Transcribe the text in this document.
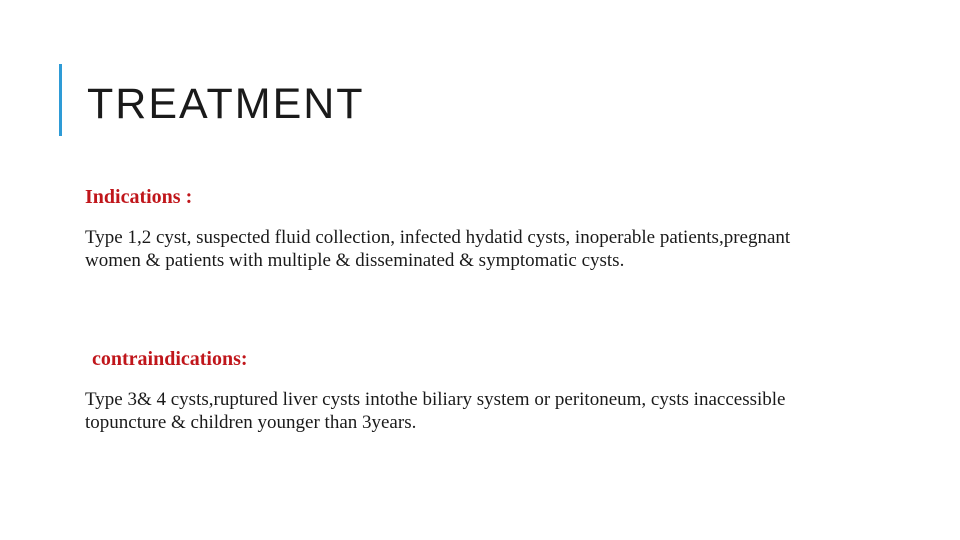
TREATMENT
Indications :

Type 1,2 cyst, suspected fluid collection, infected hydatid cysts, inoperable patients,pregnant women & patients with multiple & disseminated & symptomatic cysts.

contraindications:

Type 3& 4 cysts,ruptured liver cysts intothe biliary system or peritoneum, cysts inaccessible topuncture & children younger than 3years.
